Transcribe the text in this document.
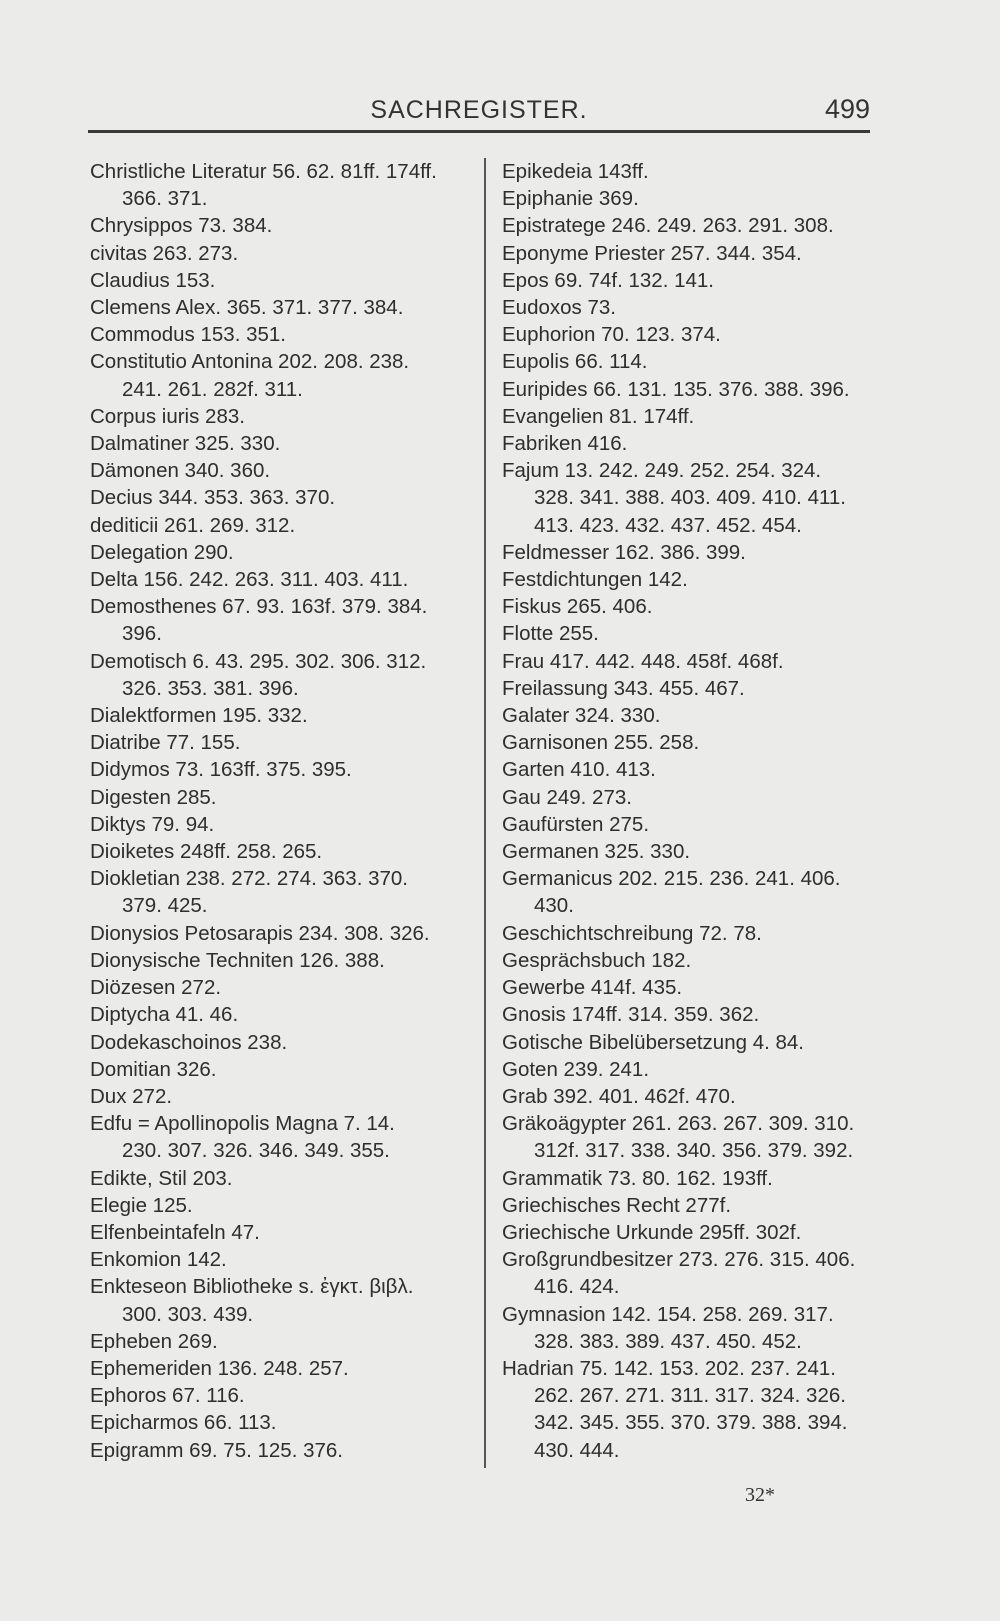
SACHREGISTER.	499
Christliche Literatur 56. 62. 81ff. 174ff.
366. 371.
Chrysippos 73. 384.
civitas 263. 273.
Claudius 153.
Clemens Alex. 365. 371. 377. 384.
Commodus 153. 351.
Constitutio Antonina 202. 208. 238.
241. 261. 282f. 311.
Corpus iuris 283.
Dalmatiner 325. 330.
Dämonen 340. 360.
Decius 344. 353. 363. 370.
dediticii 261. 269. 312.
Delegation 290.
Delta 156. 242. 263. 311. 403. 411.
Demosthenes 67. 93. 163f. 379. 384.
396.
Demotisch 6. 43. 295. 302. 306. 312.
326. 353. 381. 396.
Dialektformen 195. 332.
Diatribe 77. 155.
Didymos 73. 163ff. 375. 395.
Digesten 285.
Diktys 79. 94.
Dioiketes 248ff. 258. 265.
Diokletian 238. 272. 274. 363. 370.
379. 425.
Dionysios Petosarapis 234. 308. 326.
Dionysische Techniten 126. 388.
Diözesen 272.
Diptycha 41. 46.
Dodekaschoinos 238.
Domitian 326.
Dux 272.
Edfu = Apollinopolis Magna 7. 14.
230. 307. 326. 346. 349. 355.
Edikte, Stil 203.
Elegie 125.
Elfenbeintafeln 47.
Enkomion 142.
Enkteseon Bibliotheke s. ἐγκτ. βιβλ.
300. 303. 439.
Epheben 269.
Ephemeriden 136. 248. 257.
Ephoros 67. 116.
Epicharmos 66. 113.
Epigramm 69. 75. 125. 376.
Epikedeia 143ff.
Epiphanie 369.
Epistratege 246. 249. 263. 291. 308.
Eponyme Priester 257. 344. 354.
Epos 69. 74f. 132. 141.
Eudoxos 73.
Euphorion 70. 123. 374.
Eupolis 66. 114.
Euripides 66. 131. 135. 376. 388. 396.
Evangelien 81. 174ff.
Fabriken 416.
Fajum 13. 242. 249. 252. 254. 324.
328. 341. 388. 403. 409. 410. 411.
413. 423. 432. 437. 452. 454.
Feldmesser 162. 386. 399.
Festdichtungen 142.
Fiskus 265. 406.
Flotte 255.
Frau 417. 442. 448. 458f. 468f.
Freilassung 343. 455. 467.
Galater 324. 330.
Garnisonen 255. 258.
Garten 410. 413.
Gau 249. 273.
Gaufürsten 275.
Germanen 325. 330.
Germanicus 202. 215. 236. 241. 406.
430.
Geschichtschreibung 72. 78.
Gesprächsbuch 182.
Gewerbe 414f. 435.
Gnosis 174ff. 314. 359. 362.
Gotische Bibelübersetzung 4. 84.
Goten 239. 241.
Grab 392. 401. 462f. 470.
Gräkoägypter 261. 263. 267. 309. 310.
312f. 317. 338. 340. 356. 379. 392.
Grammatik 73. 80. 162. 193ff.
Griechisches Recht 277f.
Griechische Urkunde 295ff. 302f.
Großgrundbesitzer 273. 276. 315. 406.
416. 424.
Gymnasion 142. 154. 258. 269. 317.
328. 383. 389. 437. 450. 452.
Hadrian 75. 142. 153. 202. 237. 241.
262. 267. 271. 311. 317. 324. 326.
342. 345. 355. 370. 379. 388. 394.
430. 444.
32*
